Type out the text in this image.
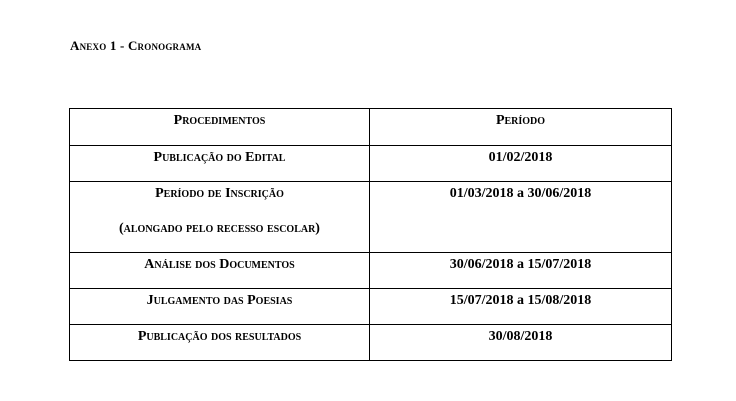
Anexo 1 - Cronograma
Procedimentos	Período

Publicação do Edital	01/02/2018

Período de Inscrição
(alongado pelo recesso escolar)	01/03/2018 a 30/06/2018

Análise dos Documentos	30/06/2018 a 15/07/2018

Julgamento das Poesias	15/07/2018 a 15/08/2018

Publicação dos resultados	30/08/2018
